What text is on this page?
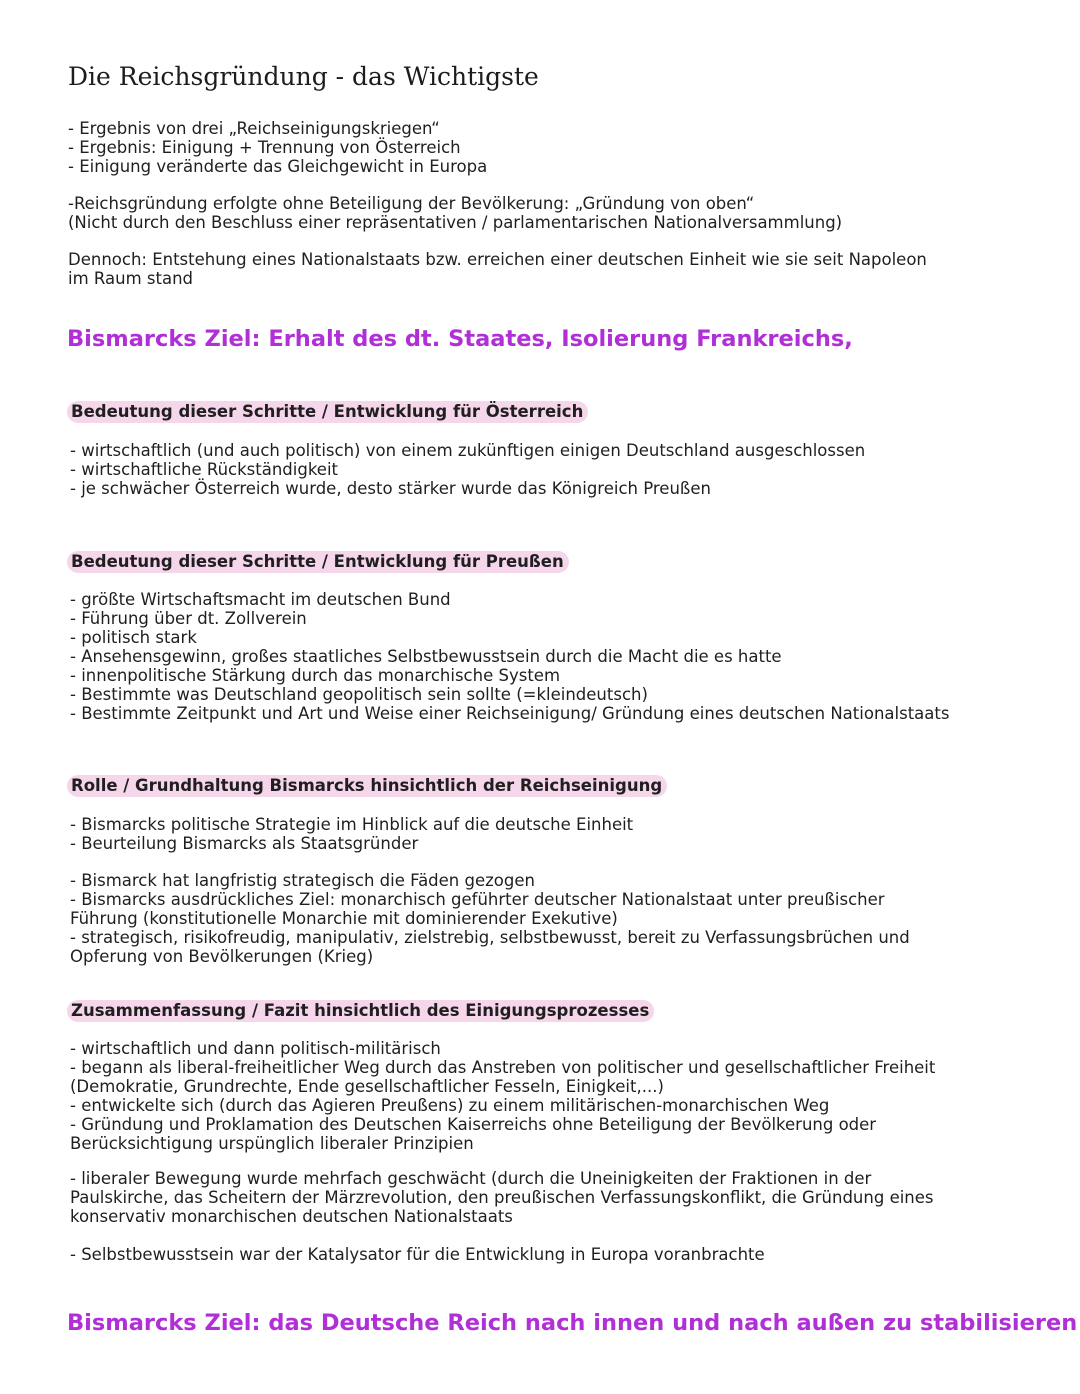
Die Reichsgründung - das Wichtigste
- Ergebnis von drei „Reichseinigungskriegen“
- Ergebnis: Einigung + Trennung von Österreich
- Einigung veränderte das Gleichgewicht in Europa
-Reichsgründung erfolgte ohne Beteiligung der Bevölkerung: „Gründung von oben“
(Nicht durch den Beschluss einer repräsentativen / parlamentarischen Nationalversammlung)
Dennoch: Entstehung eines Nationalstaats bzw. erreichen einer deutschen Einheit wie sie seit Napoleon
im Raum stand
Bismarcks Ziel: Erhalt des dt. Staates, Isolierung Frankreichs,
Bedeutung dieser Schritte / Entwicklung für Österreich
- wirtschaftlich (und auch politisch) von einem zukünftigen einigen Deutschland ausgeschlossen
- wirtschaftliche Rückständigkeit
- je schwächer Österreich wurde, desto stärker wurde das Königreich Preußen
Bedeutung dieser Schritte / Entwicklung für Preußen
- größte Wirtschaftsmacht im deutschen Bund
- Führung über dt. Zollverein
- politisch stark
- Ansehensgewinn, großes staatliches Selbstbewusstsein durch die Macht die es hatte
- innenpolitische Stärkung durch das monarchische System
- Bestimmte was Deutschland geopolitisch sein sollte (=kleindeutsch)
- Bestimmte Zeitpunkt und Art und Weise einer Reichseinigung/ Gründung eines deutschen Nationalstaats
Rolle / Grundhaltung Bismarcks hinsichtlich der Reichseinigung
- Bismarcks politische Strategie im Hinblick auf die deutsche Einheit
- Beurteilung Bismarcks als Staatsgründer
- Bismarck hat langfristig strategisch die Fäden gezogen
- Bismarcks ausdrückliches Ziel: monarchisch geführter deutscher Nationalstaat unter preußischer
Führung (konstitutionelle Monarchie mit dominierender Exekutive)
- strategisch, risikofreudig, manipulativ, zielstrebig, selbstbewusst, bereit zu Verfassungsbrüchen und
Opferung von Bevölkerungen (Krieg)
Zusammenfassung / Fazit hinsichtlich des Einigungsprozesses
- wirtschaftlich und dann politisch-militärisch
- begann als liberal-freiheitlicher Weg durch das Anstreben von politischer und gesellschaftlicher Freiheit
(Demokratie, Grundrechte, Ende gesellschaftlicher Fesseln, Einigkeit,...)
- entwickelte sich (durch das Agieren Preußens) zu einem militärischen-monarchischen Weg
- Gründung und Proklamation des Deutschen Kaiserreichs ohne Beteiligung der Bevölkerung oder
Berücksichtigung urspünglich liberaler Prinzipien
- liberaler Bewegung wurde mehrfach geschwächt (durch die Uneinigkeiten der Fraktionen in der
Paulskirche, das Scheitern der Märzrevolution, den preußischen Verfassungskonflikt, die Gründung eines
konservativ monarchischen deutschen Nationalstaats
- Selbstbewusstsein war der Katalysator für die Entwicklung in Europa voranbrachte
Bismarcks Ziel: das Deutsche Reich nach innen und nach außen zu stabilisieren
